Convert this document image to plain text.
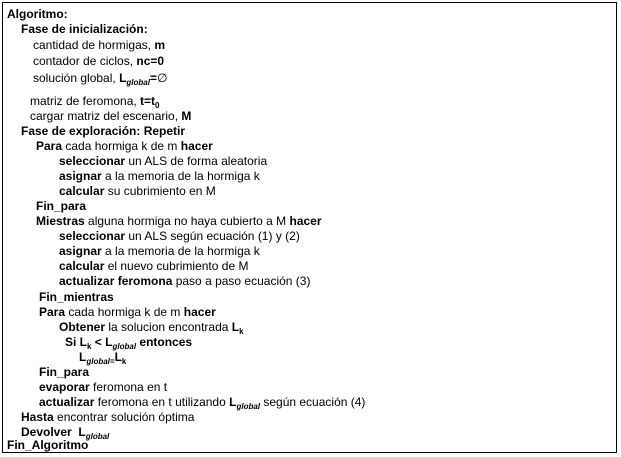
Algoritmo:
Fase de inicialización:
cantidad de hormigas, m
contador de ciclos, nc=0
solución global, $L_{global}=\emptyset$
matriz de feromona, $t=t_0$
cargar matriz del escenario, M
Fase de exploración: Repetir
Para cada hormiga k de m hacer
seleccionar un ALS de forma aleatoria
asignar a la memoria de la hormiga k
calcular su cubrimiento en M
Fin_para
Miestras alguna hormiga no haya cubierto a M hacer
seleccionar un ALS según ecuación (1) y (2)
asignar a la memoria de la hormiga k
calcular el nuevo cubrimiento de M
actualizar feromona paso a paso ecuación (3)
Fin_mientras
Para cada hormiga k de m hacer
Obtener la solucion encontrada $L_k$
Si $L_k < L_{global}$ entonces
$L_{global=}L_k$
Fin_para
evaporar feromona en t
actualizar feromona en t utilizando $L_{global}$ según ecuación (4)
Hasta encontrar solución óptima
Devolver $L_{global}$
Fin_Algoritmo
